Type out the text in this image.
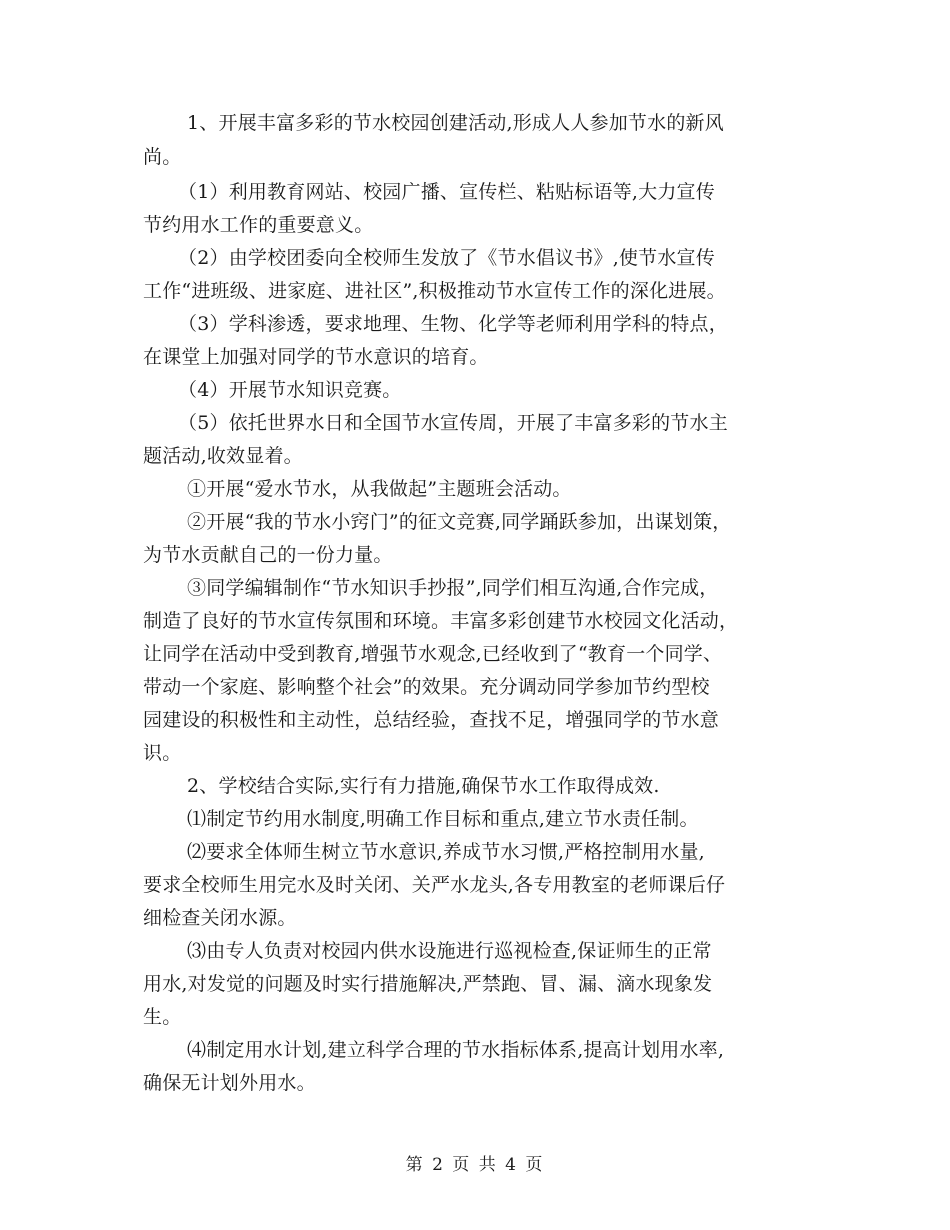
1、开展丰富多彩的节水校园创建活动,形成人人参加节水的新风
尚。
（1）利用教育网站、校园广播、宣传栏、粘贴标语等,大力宣传
节约用水工作的重要意义。
（2）由学校团委向全校师生发放了《节水倡议书》,使节水宣传
工作“进班级、进家庭、进社区”,积极推动节水宣传工作的深化进展。
（3）学科渗透，要求地理、生物、化学等老师利用学科的特点，
在课堂上加强对同学的节水意识的培育。
（4）开展节水知识竞赛。
（5）依托世界水日和全国节水宣传周，开展了丰富多彩的节水主
题活动,收效显着。
①开展“爱水节水，从我做起”主题班会活动。
②开展“我的节水小窍门”的征文竞赛,同学踊跃参加，出谋划策，
为节水贡献自己的一份力量。
③同学编辑制作“节水知识手抄报”,同学们相互沟通,合作完成，
制造了良好的节水宣传氛围和环境。丰富多彩创建节水校园文化活动，
让同学在活动中受到教育,增强节水观念,已经收到了“教育一个同学、
带动一个家庭、影响整个社会”的效果。充分调动同学参加节约型校
园建设的积极性和主动性，总结经验，查找不足，增强同学的节水意
识。
2、学校结合实际,实行有力措施,确保节水工作取得成效.
⑴制定节约用水制度,明确工作目标和重点,建立节水责任制。
⑵要求全体师生树立节水意识,养成节水习惯,严格控制用水量,
要求全校师生用完水及时关闭、关严水龙头,各专用教室的老师课后仔
细检查关闭水源。
⑶由专人负责对校园内供水设施进行巡视检查,保证师生的正常
用水,对发觉的问题及时实行措施解决,严禁跑、冒、漏、滴水现象发
生。
⑷制定用水计划,建立科学合理的节水指标体系,提高计划用水率,
确保无计划外用水。
第 2 页 共 4 页
